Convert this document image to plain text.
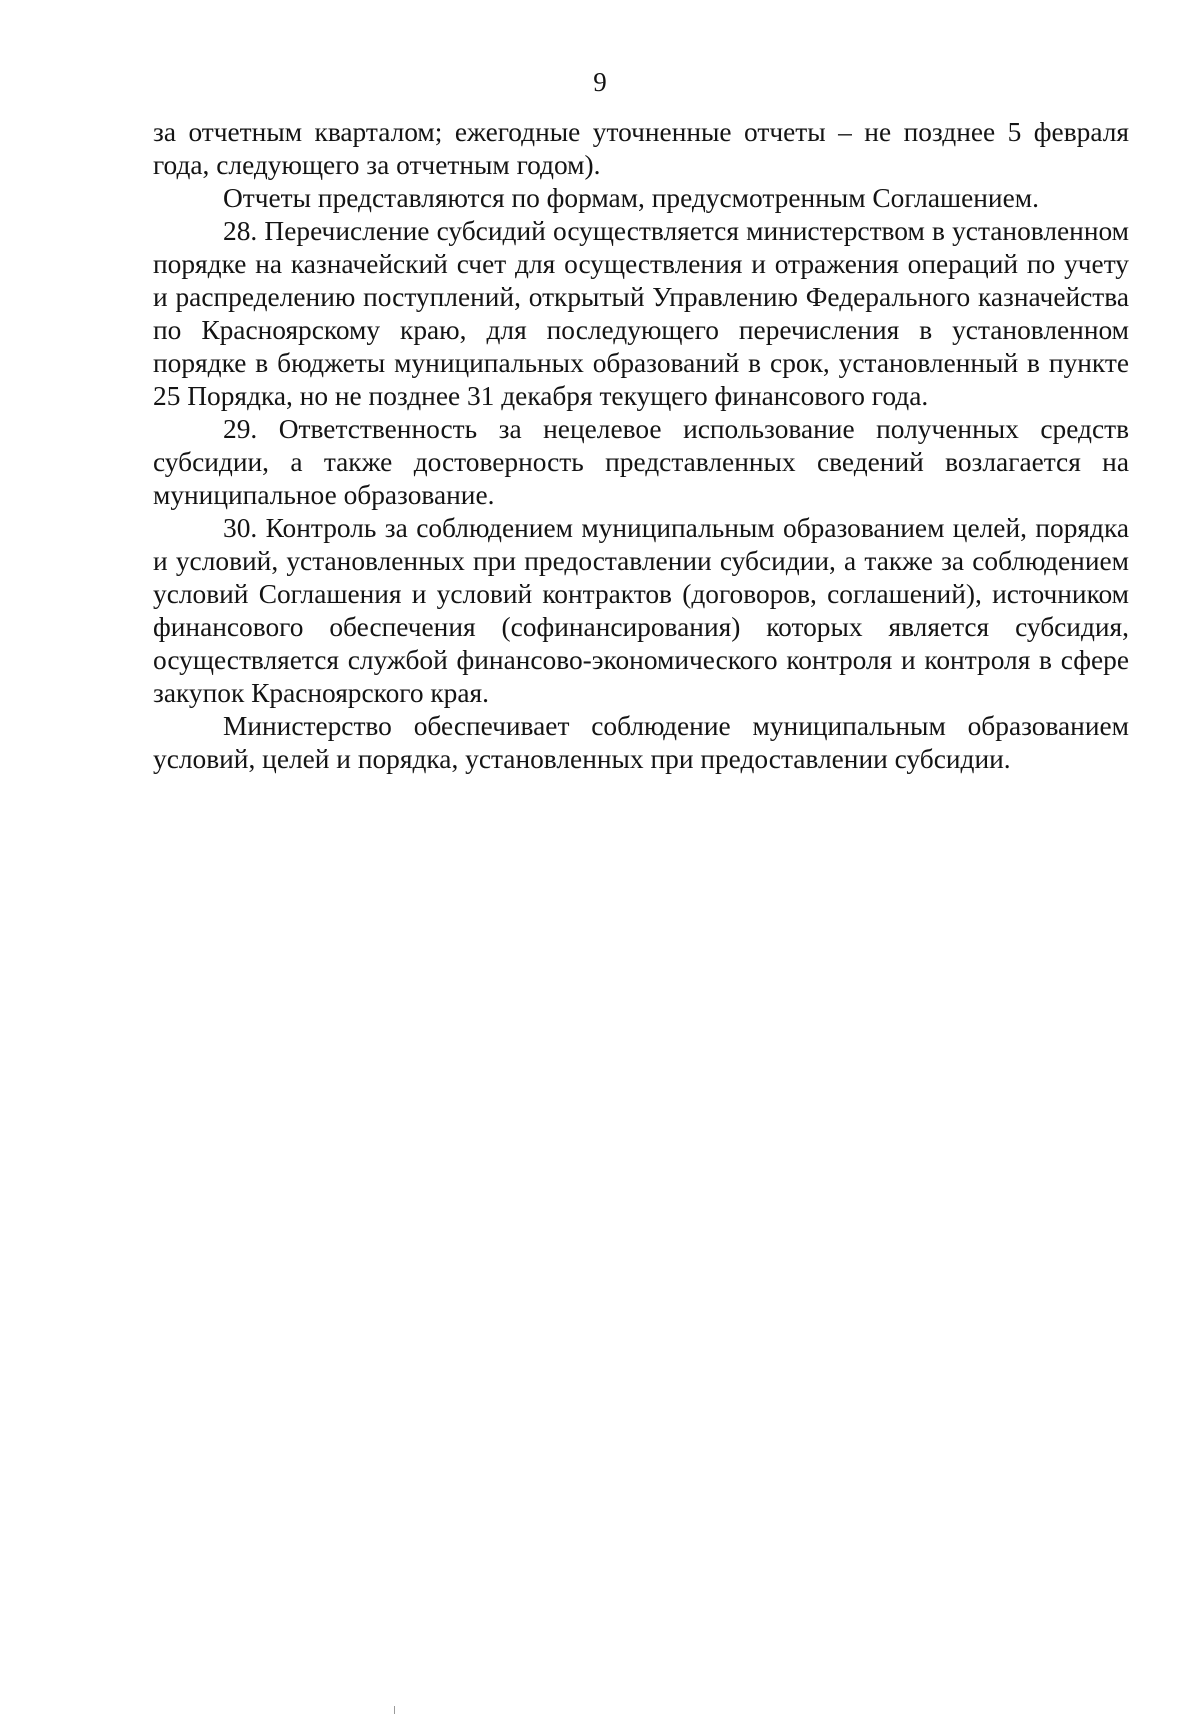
9

за отчетным кварталом; ежегодные уточненные отчеты – не позднее 5 февраля года, следующего за отчетным годом).

Отчеты представляются по формам, предусмотренным Соглашением.

28. Перечисление субсидий осуществляется министерством в установленном порядке на казначейский счет для осуществления и отражения операций по учету и распределению поступлений, открытый Управлению Федерального казначейства по Красноярскому краю, для последующего перечисления в установленном порядке в бюджеты муниципальных образований в срок, установленный в пункте 25 Порядка, но не позднее 31 декабря текущего финансового года.

29. Ответственность за нецелевое использование полученных средств субсидии, а также достоверность представленных сведений возлагается на муниципальное образование.

30. Контроль за соблюдением муниципальным образованием целей, порядка и условий, установленных при предоставлении субсидии, а также за соблюдением условий Соглашения и условий контрактов (договоров, соглашений), источником финансового обеспечения (софинансирования) которых является субсидия, осуществляется службой финансово-экономического контроля и контроля в сфере закупок Красноярского края.

Министерство обеспечивает соблюдение муниципальным образованием условий, целей и порядка, установленных при предоставлении субсидии.
